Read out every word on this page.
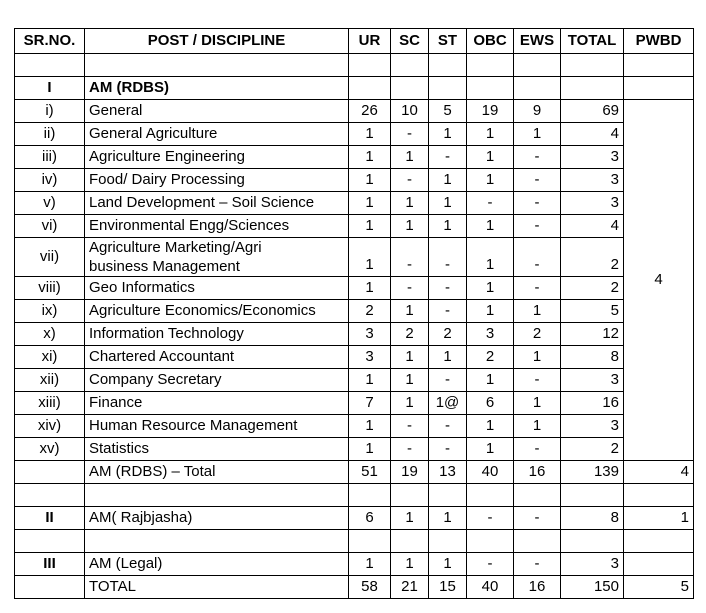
SR.NO.	POST / DISCIPLINE	UR	SC	ST	OBC	EWS	TOTAL	PWBD

I	AM (RDBS)							
i)	General	26	10	5	19	9	69	4
ii)	General Agriculture	1	-	1	1	1	4	
iii)	Agriculture Engineering	1	1	-	1	-	3	
iv)	Food/ Dairy Processing	1	-	1	1	-	3	
v)	Land Development – Soil Science	1	1	1	-	-	3	
vi)	Environmental Engg/Sciences	1	1	1	1	-	4	
vii)	Agriculture Marketing/Agri
business Management	1	-	-	1	-	2	
viii)	Geo Informatics	1	-	-	1	-	2	
ix)	Agriculture Economics/Economics	2	1	-	1	1	5	
x)	Information Technology	3	2	2	3	2	12	
xi)	Chartered Accountant	3	1	1	2	1	8	
xii)	Company Secretary	1	1	-	1	-	3	
xiii)	Finance	7	1	1@	6	1	16	
xiv)	Human Resource Management	1	-	-	1	1	3	
xv)	Statistics	1	-	-	1	-	2	
	AM (RDBS) – Total	51	19	13	40	16	139	4

II	AM( Rajbjasha)	6	1	1	-	-	8	1

III	AM (Legal)	1	1	1	-	-	3	
	TOTAL	58	21	15	40	16	150	5
